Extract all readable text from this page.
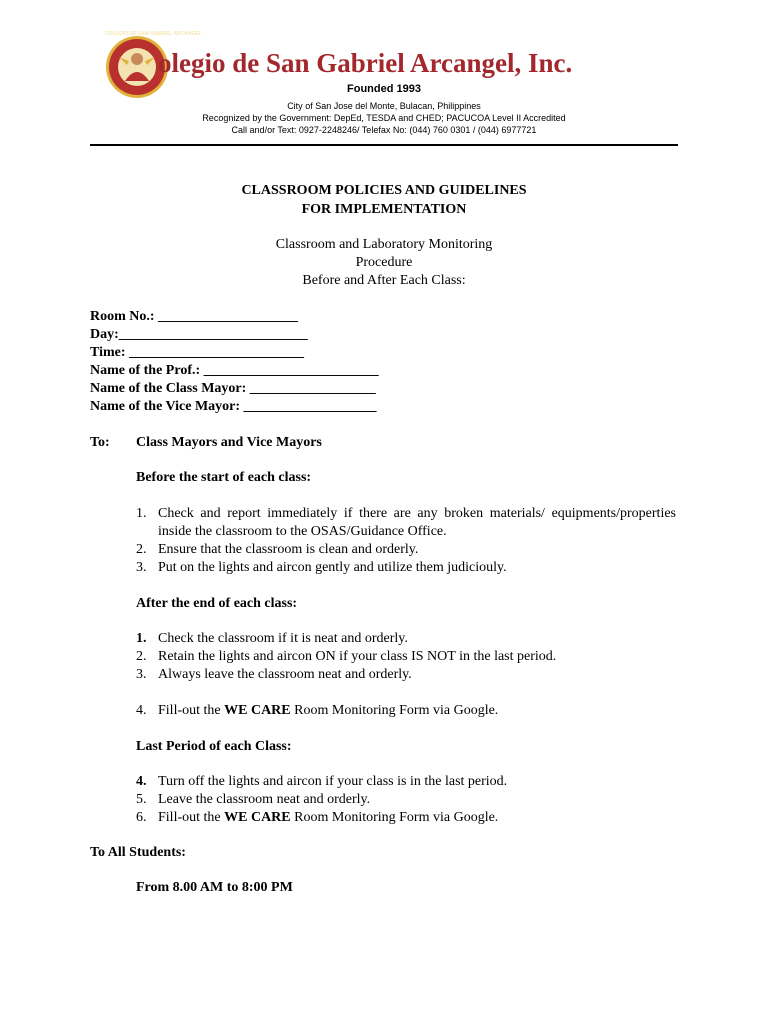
COLEGIO DE SAN GABRIEL ARCANGEL
olegio de San Gabriel Arcangel, Inc.
Founded 1993
City of San Jose del Monte, Bulacan, Philippines
Recognized by the Government: DepEd, TESDA and CHED; PACUCOA Level II Accredited
Call and/or Text: 0927-2248246/ Telefax No: (044) 760 0301 / (044) 6977721
CLASSROOM POLICIES AND GUIDELINES
FOR IMPLEMENTATION
Classroom and Laboratory Monitoring
Procedure
Before and After Each Class:
Room No.: ____________________
Day:___________________________
Time: _________________________
Name of the Prof.: _________________________
Name of the Class Mayor: __________________
Name of the Vice Mayor: ___________________
To: Class Mayors and Vice Mayors
Before the start of each class:
1. Check and report immediately if there are any broken materials/ equipments/properties inside the classroom to the OSAS/Guidance Office.
2. Ensure that the classroom is clean and orderly.
3. Put on the lights and aircon gently and utilize them judiciouly.
After the end of each class:
1. Check the classroom if it is neat and orderly.
2. Retain the lights and aircon ON if your class IS NOT in the last period.
3. Always leave the classroom neat and orderly.
4. Fill-out the WE CARE Room Monitoring Form via Google.
Last Period of each Class:
4. Turn off the lights and aircon if your class is in the last period.
5. Leave the classroom neat and orderly.
6. Fill-out the WE CARE Room Monitoring Form via Google.
To All Students:
From 8.00 AM to 8:00 PM
